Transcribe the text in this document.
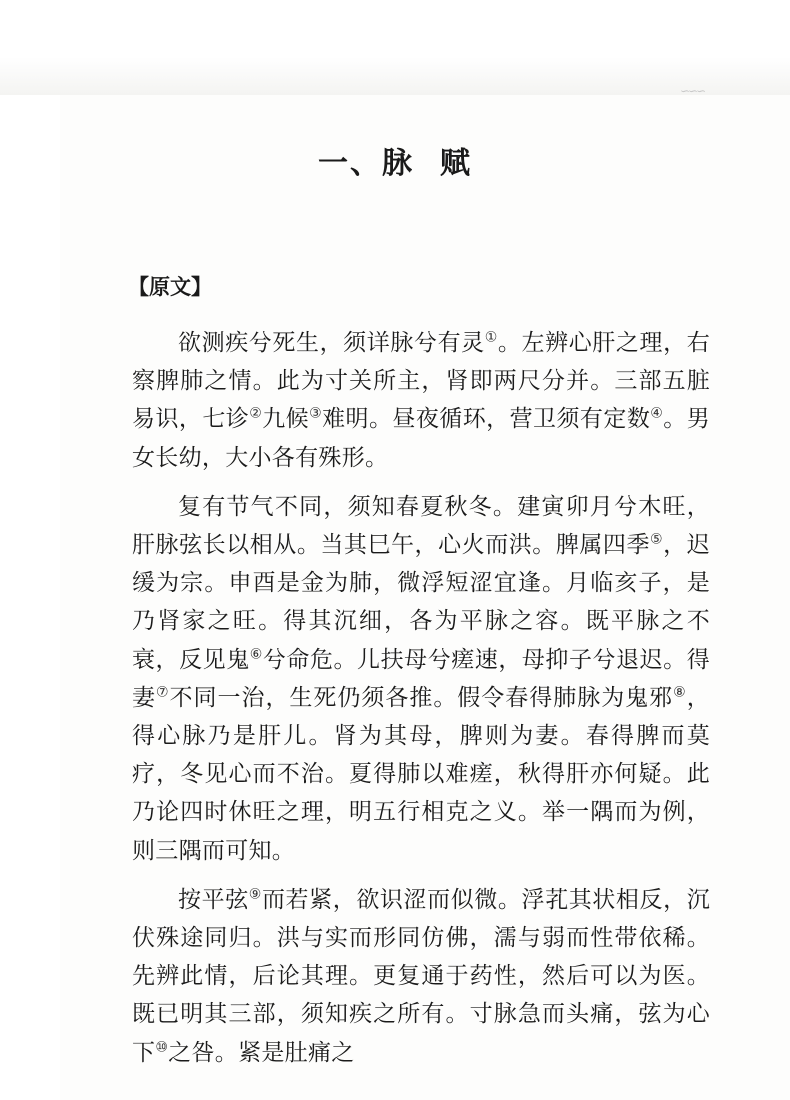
∽∽∽
一、脉 赋
【原文】

欲测疾兮死生，须详脉兮有灵①。左辨心肝之理，右察脾肺之情。此为寸关所主，肾即两尺分并。三部五脏易识，七诊②九候③难明。昼夜循环，营卫须有定数④。男女长幼，大小各有殊形。

复有节气不同，须知春夏秋冬。建寅卯月兮木旺，肝脉弦长以相从。当其巳午，心火而洪。脾属四季⑤，迟缓为宗。申酉是金为肺，微浮短涩宜逢。月临亥子，是乃肾家之旺。得其沉细，各为平脉之容。既平脉之不衰，反见鬼⑥兮命危。儿扶母兮瘥速，母抑子兮退迟。得妻⑦不同一治，生死仍须各推。假令春得肺脉为鬼邪⑧，得心脉乃是肝儿。肾为其母，脾则为妻。春得脾而莫疗，冬见心而不治。夏得肺以难瘥，秋得肝亦何疑。此乃论四时休旺之理，明五行相克之义。举一隅而为例，则三隅而可知。

按平弦⑨而若紧，欲识涩而似微。浮芤其状相反，沉伏殊途同归。洪与实而形同仿佛，濡与弱而性带依稀。先辨此情，后论其理。更复通于药性，然后可以为医。既已明其三部，须知疾之所有。寸脉急而头痛，弦为心下⑩之咎。紧是肚痛之
